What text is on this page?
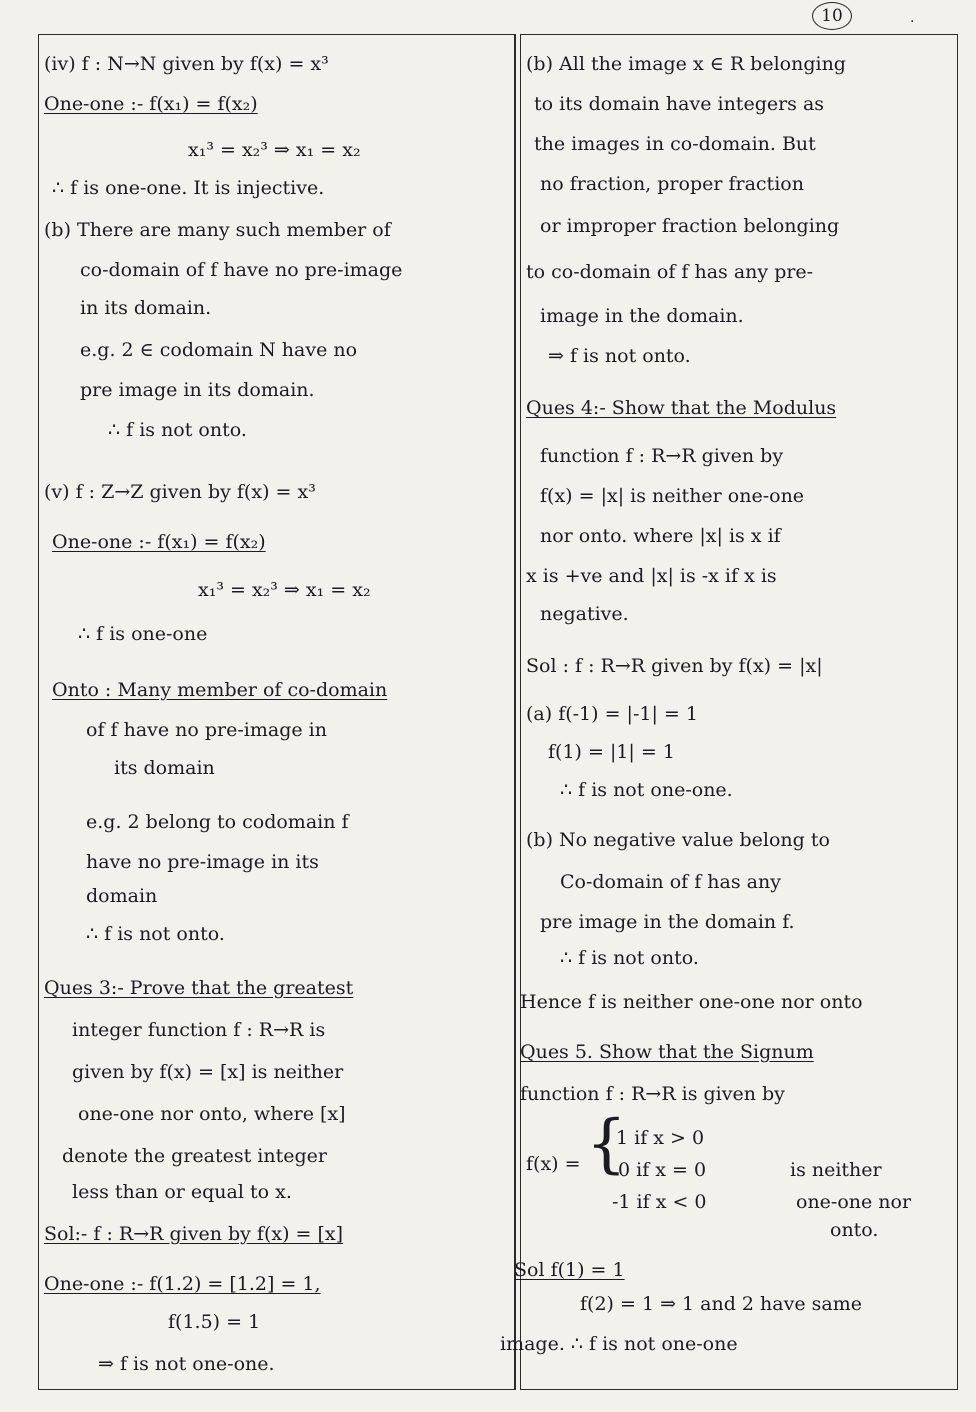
10	.
{
(iv) f : N→N given by f(x) = x³
One-one :- f(x₁) = f(x₂)
x₁³ = x₂³ ⇒ x₁ = x₂
∴ f is one-one. It is injective.
(b) There are many such member of
co-domain of f have no pre-image
in its domain.
e.g. 2 ∈ codomain N have no
pre image in its domain.
∴ f is not onto.
(v) f : Z→Z given by f(x) = x³
One-one :- f(x₁) = f(x₂)
x₁³ = x₂³ ⇒ x₁ = x₂
∴ f is one-one
Onto : Many member of co-domain
of f have no pre-image in
its domain
e.g. 2 belong to codomain f
have no pre-image in its
domain
∴ f is not onto.
Ques 3:- Prove that the greatest
integer function f : R→R is
given by f(x) = [x] is neither
one-one nor onto, where [x]
denote the greatest integer
less than or equal to x.
Sol:- f : R→R given by f(x) = [x]
One-one :- f(1.2) = [1.2] = 1,
f(1.5) = 1
⇒ f is not one-one.
(b) All the image x ∈ R belonging
to its domain have integers as
the images in co-domain. But
no fraction, proper fraction
or improper fraction belonging
to co-domain of f has any pre-
image in the domain.
⇒ f is not onto.
Ques 4:- Show that the Modulus
function f : R→R given by
f(x) = |x| is neither one-one
nor onto. where |x| is x if
x is +ve and |x| is -x if x is
negative.
Sol : f : R→R given by f(x) = |x|
(a) f(-1) = |-1| = 1
f(1) = |1| = 1
∴ f is not one-one.
(b) No negative value belong to
Co-domain of f has any
pre image in the domain f.
∴ f is not onto.
Hence f is neither one-one nor onto
Ques 5. Show that the Signum
function f : R→R is given by
f(x) =
1 if x > 0
0 if x = 0
-1 if x < 0
is neither
one-one nor
onto.
Sol f(1) = 1
f(2) = 1 ⇒ 1 and 2 have same
image. ∴ f is not one-one
